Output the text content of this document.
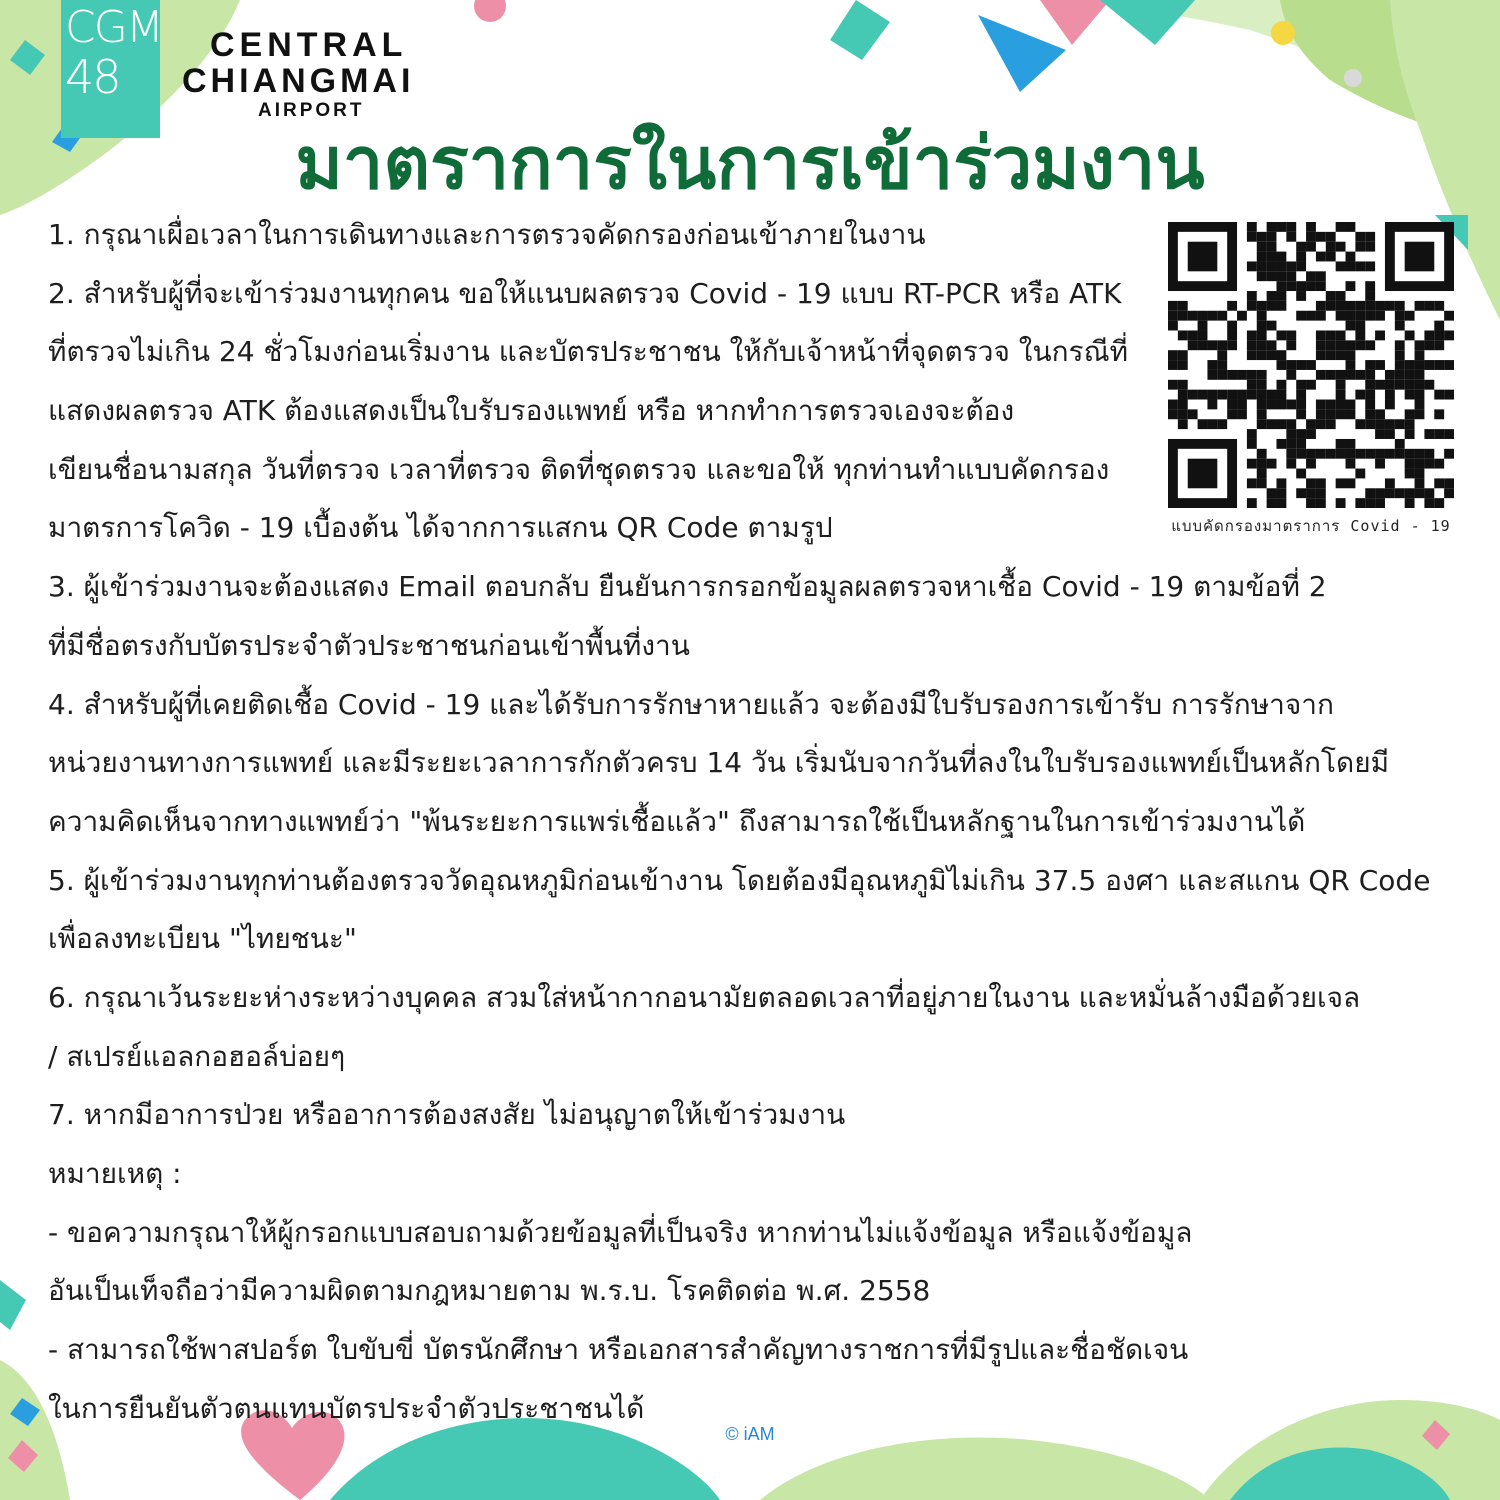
CGM
48
CENTRAL
CHIANGMAI
AIRPORT
มาตราการในการเข้าร่วมงาน
1. กรุณาเผื่อเวลาในการเดินทางและการตรวจคัดกรองก่อนเข้าภายในงาน
2. สำหรับผู้ที่จะเข้าร่วมงานทุกคน ขอให้แนบผลตรวจ Covid - 19 แบบ RT-PCR หรือ ATK
ที่ตรวจไม่เกิน 24 ชั่วโมงก่อนเริ่มงาน และบัตรประชาชน ให้กับเจ้าหน้าที่จุดตรวจ ในกรณีที่
แสดงผลตรวจ ATK ต้องแสดงเป็นใบรับรองแพทย์ หรือ หากทำการตรวจเองจะต้อง
เขียนชื่อนามสกุล วันที่ตรวจ เวลาที่ตรวจ ติดที่ชุดตรวจ และขอให้ ทุกท่านทำแบบคัดกรอง
มาตรการโควิด - 19 เบื้องต้น ได้จากการแสกน QR Code ตามรูป
3. ผู้เข้าร่วมงานจะต้องแสดง Email ตอบกลับ ยืนยันการกรอกข้อมูลผลตรวจหาเชื้อ Covid - 19 ตามข้อที่ 2
ที่มีชื่อตรงกับบัตรประจำตัวประชาชนก่อนเข้าพื้นที่งาน
4. สำหรับผู้ที่เคยติดเชื้อ Covid - 19 และได้รับการรักษาหายแล้ว จะต้องมีใบรับรองการเข้ารับ การรักษาจาก
หน่วยงานทางการแพทย์ และมีระยะเวลาการกักตัวครบ 14 วัน เริ่มนับจากวันที่ลงในใบรับรองแพทย์เป็นหลักโดยมี
ความคิดเห็นจากทางแพทย์ว่า "พ้นระยะการแพร่เชื้อแล้ว" ถึงสามารถใช้เป็นหลักฐานในการเข้าร่วมงานได้
5. ผู้เข้าร่วมงานทุกท่านต้องตรวจวัดอุณหภูมิก่อนเข้างาน โดยต้องมีอุณหภูมิไม่เกิน 37.5 องศา และสแกน QR Code
เพื่อลงทะเบียน "ไทยชนะ"
6. กรุณาเว้นระยะห่างระหว่างบุคคล สวมใส่หน้ากากอนามัยตลอดเวลาที่อยู่ภายในงาน และหมั่นล้างมือด้วยเจล
/ สเปรย์แอลกอฮอล์บ่อยๆ
7. หากมีอาการป่วย หรืออาการต้องสงสัย ไม่อนุญาตให้เข้าร่วมงาน
หมายเหตุ :
- ขอความกรุณาให้ผู้กรอกแบบสอบถามด้วยข้อมูลที่เป็นจริง หากท่านไม่แจ้งข้อมูล หรือแจ้งข้อมูล
อันเป็นเท็จถือว่ามีความผิดตามกฎหมายตาม พ.ร.บ. โรคติดต่อ พ.ศ. 2558
- สามารถใช้พาสปอร์ต ใบขับขี่ บัตรนักศึกษา หรือเอกสารสำคัญทางราชการที่มีรูปและชื่อชัดเจน
ในการยืนยันตัวตนแทนบัตรประจำตัวประชาชนได้
แบบคัดกรองมาตราการ Covid - 19
© iAM
